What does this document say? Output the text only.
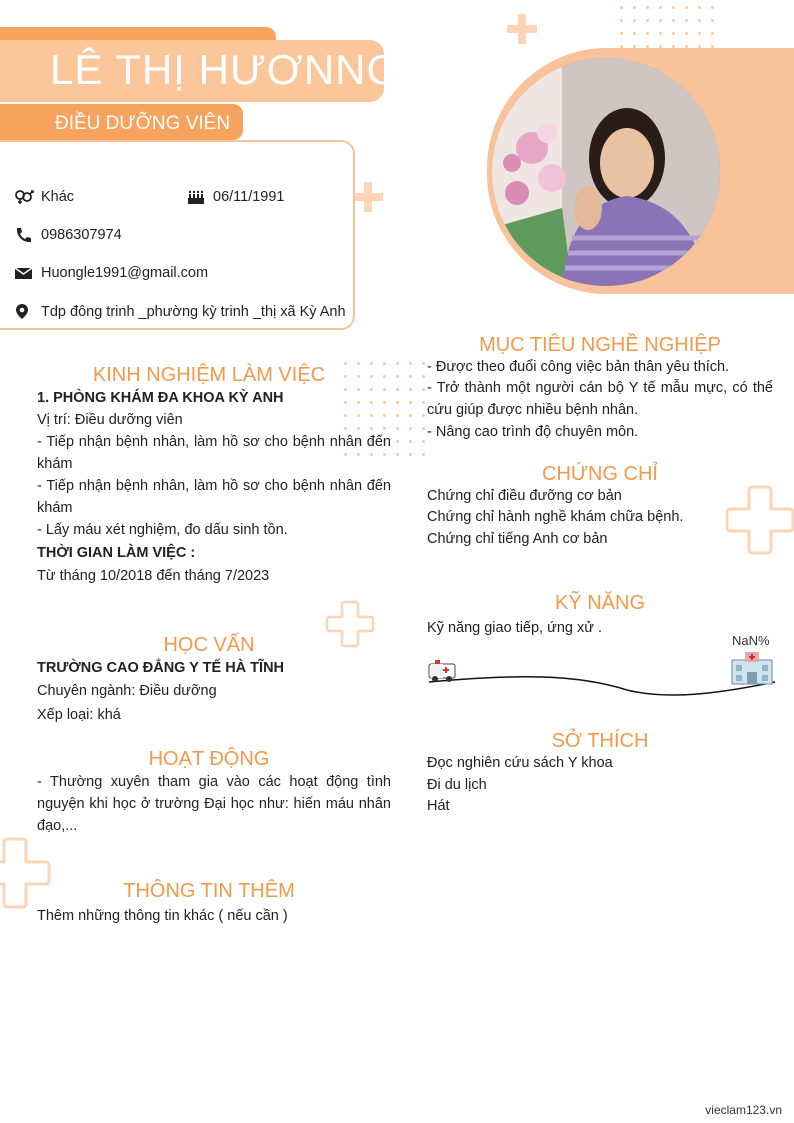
LÊ THỊ HƯƠNNG
ĐIỀU DƯỠNG VIÊN
Khác	06/11/1991
0986307974
Huongle1991@gmail.com
Tdp đông trinh _phường kỳ trinh _thị xã Kỳ Anh
KINH NGHIỆM LÀM VIỆC
1. PHÒNG KHÁM ĐA KHOA KỲ ANH
Vị trí: Điều dưỡng viên
- Tiếp nhận bệnh nhân, làm hồ sơ cho bệnh nhân đến khám
- Tiếp nhận bệnh nhân, làm hồ sơ cho bệnh nhân đến khám
- Lấy máu xét nghiệm, đo dấu sinh tồn.
THỜI GIAN LÀM VIỆC :
Từ tháng 10/2018 đến tháng 7/2023
HỌC VẤN
TRƯỜNG CAO ĐẲNG Y TẾ HÀ TĨNH
Chuyên ngành: Điều dưỡng
Xếp loại: khá
HOẠT ĐỘNG
- Thường xuyên tham gia vào các hoạt động tình nguyện khi học ở trường Đại học như: hiến máu nhân đạo,...
THÔNG TIN THÊM
Thêm những thông tin khác ( nếu cần )
MỤC TIÊU NGHỀ NGHIỆP
- Được theo đuổi công việc bản thân yêu thích.
- Trở thành một người cán bộ Y tế mẫu mực, có thể cứu giúp được nhiều bệnh nhân.
- Nâng cao trình độ chuyên môn.
CHỨNG CHỈ
Chứng chỉ điều đưỡng cơ bản
Chứng chỉ hành nghề khám chữa bệnh.
Chứng chỉ tiếng Anh cơ bản
KỸ NĂNG
Kỹ năng giao tiếp, ứng xử .
NaN%
SỞ THÍCH
Đọc nghiên cứu sách Y khoa
Đi du lịch
Hát
vieclam123.vn
